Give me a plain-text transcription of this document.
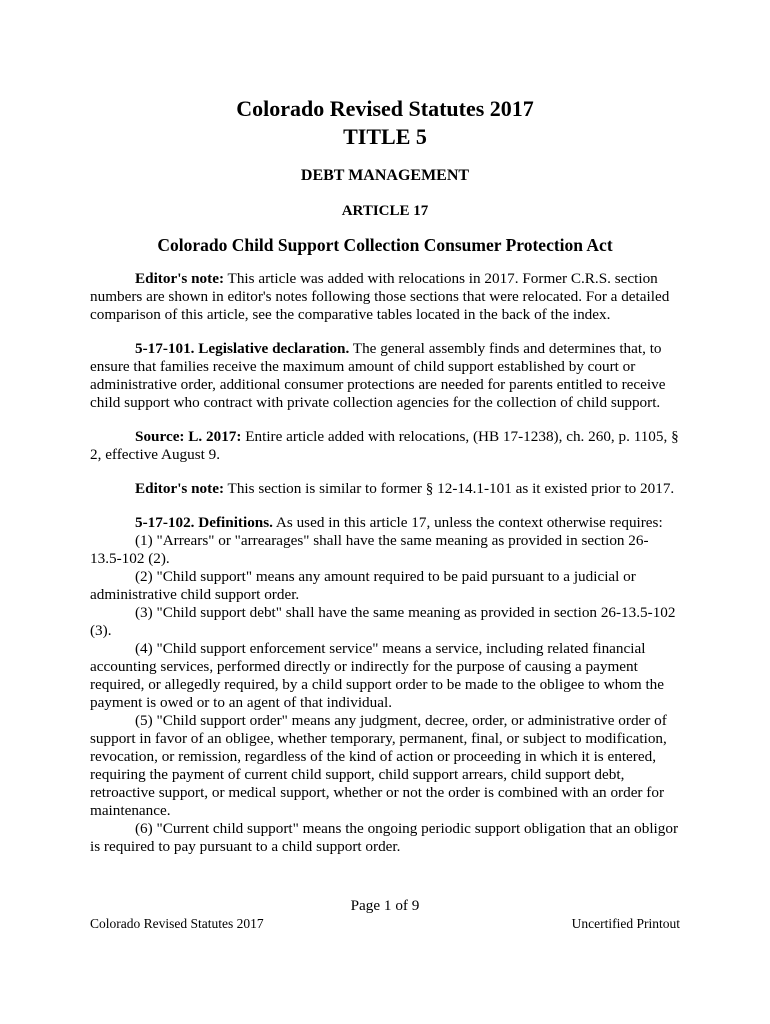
Colorado Revised Statutes 2017
TITLE 5
DEBT MANAGEMENT
ARTICLE 17
Colorado Child Support Collection Consumer Protection Act

Editor's note: This article was added with relocations in 2017. Former C.R.S. section numbers are shown in editor's notes following those sections that were relocated. For a detailed comparison of this article, see the comparative tables located in the back of the index.

5-17-101. Legislative declaration. The general assembly finds and determines that, to ensure that families receive the maximum amount of child support established by court or administrative order, additional consumer protections are needed for parents entitled to receive child support who contract with private collection agencies for the collection of child support.

Source: L. 2017: Entire article added with relocations, (HB 17-1238), ch. 260, p. 1105, § 2, effective August 9.

Editor's note: This section is similar to former § 12-14.1-101 as it existed prior to 2017.

5-17-102. Definitions. As used in this article 17, unless the context otherwise requires:

(1) "Arrears" or "arrearages" shall have the same meaning as provided in section 26-13.5-102 (2).

(2) "Child support" means any amount required to be paid pursuant to a judicial or administrative child support order.

(3) "Child support debt" shall have the same meaning as provided in section 26-13.5-102 (3).

(4) "Child support enforcement service" means a service, including related financial accounting services, performed directly or indirectly for the purpose of causing a payment required, or allegedly required, by a child support order to be made to the obligee to whom the payment is owed or to an agent of that individual.

(5) "Child support order" means any judgment, decree, order, or administrative order of support in favor of an obligee, whether temporary, permanent, final, or subject to modification, revocation, or remission, regardless of the kind of action or proceeding in which it is entered, requiring the payment of current child support, child support arrears, child support debt, retroactive support, or medical support, whether or not the order is combined with an order for maintenance.

(6) "Current child support" means the ongoing periodic support obligation that an obligor is required to pay pursuant to a child support order.

Page 1 of 9
Colorado Revised Statutes 2017	Uncertified Printout
